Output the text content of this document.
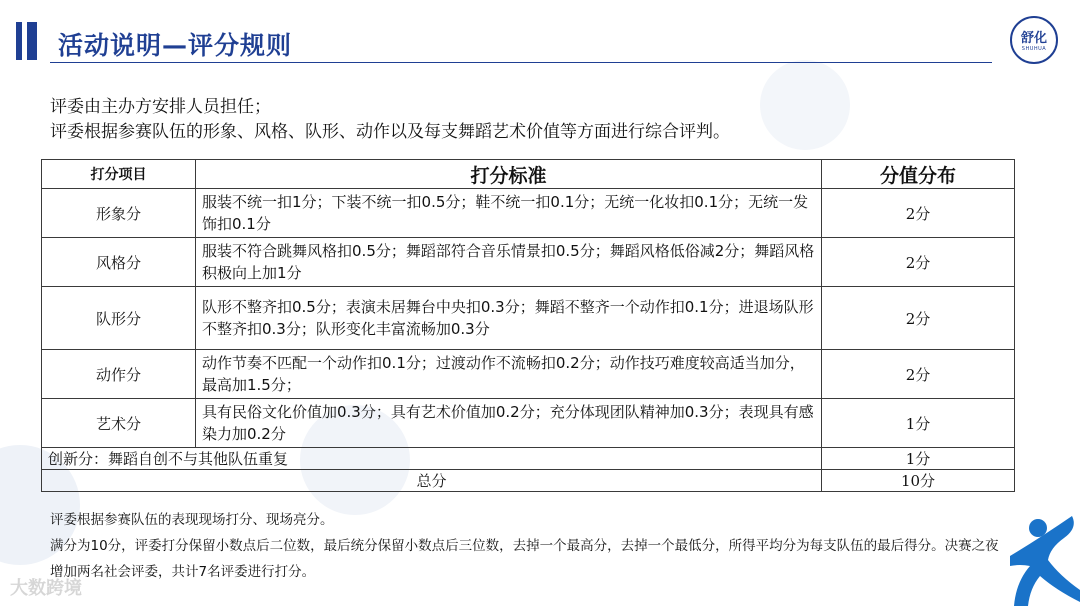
活动说明—评分规则	舒化
SHUHUA
评委由主办方安排人员担任；
评委根据参赛队伍的形象、风格、队形、动作以及每支舞蹈艺术价值等方面进行综合评判。
打分项目	打分标准	分值分布
形象分	服装不统一扣1分；下装不统一扣0.5分；鞋不统一扣0.1分；无统一化妆扣0.1分；无统一发饰扣0.1分	2分
风格分	服装不符合跳舞风格扣0.5分；舞蹈部符合音乐情景扣0.5分；舞蹈风格低俗减2分；舞蹈风格积极向上加1分	2分
队形分	队形不整齐扣0.5分；表演未居舞台中央扣0.3分；舞蹈不整齐一个动作扣0.1分；进退场队形不整齐扣0.3分；队形变化丰富流畅加0.3分	2分
动作分	动作节奏不匹配一个动作扣0.1分；过渡动作不流畅扣0.2分；动作技巧难度较高适当加分，最高加1.5分；	2分
艺术分	具有民俗文化价值加0.3分；具有艺术价值加0.2分；充分体现团队精神加0.3分；表现具有感染力加0.2分	1分
创新分：舞蹈自创不与其他队伍重复		1分
总分		10分
评委根据参赛队伍的表现现场打分、现场亮分。
满分为10分，评委打分保留小数点后二位数，最后统分保留小数点后三位数，去掉一个最高分，去掉一个最低分，所得平均分为每支队伍的最后得分。决赛之夜增加两名社会评委，共计7名评委进行打分。
大数跨境
